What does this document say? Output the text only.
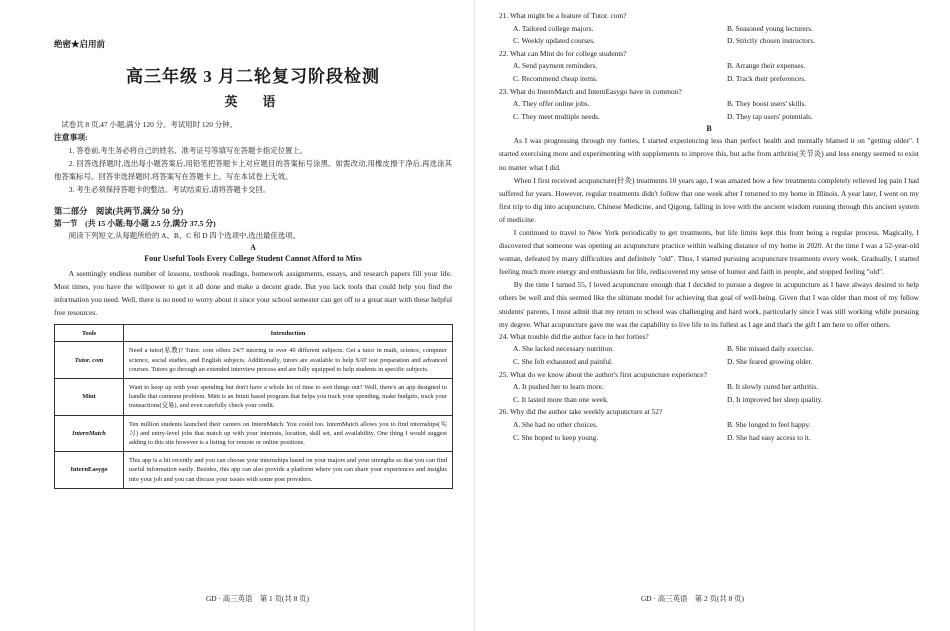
绝密★启用前
高三年级 3 月二轮复习阶段检测
英　语
试卷共 8 页,47 小题,满分 120 分。考试用时 120 分钟。
注意事项:

1. 答卷前,考生务必将自己的姓名、准考证号等填写在答题卡指定位置上。

2. 回答选择题时,选出每小题答案后,用铅笔把答题卡上对应题目的答案标号涂黑。如需改动,用橡皮擦干净后,再选涂其他答案标号。回答非选择题时,将答案写在答题卡上。写在本试卷上无效。

3. 考生必须保持答题卡的整洁。考试结束后,请将答题卡交回。

第二部分　阅读(共两节,满分 50 分)
第一节　(共 15 小题;每小题 2.5 分,满分 37.5 分)
阅读下列短文,从每题所给的 A、B、C 和 D 四个选项中,选出最佳选项。
A
Four Useful Tools Every College Student Cannot Afford to Miss

A seemingly endless number of lessons, textbook readings, homework assignments, essays, and research papers fill your life. Most times, you have the willpower to get it all done and make a decent grade. But you lack tools that could help you find the information you need. Well, there is no need to worry about it since your school semester can get off to a great start with these helpful free resources.

Tools	Introduction
Tutor. com	Need a tutor(私教)? Tutor. com offers 24/7 tutoring in over 40 different subjects. Get a tutor in math, science, computer science, social studies, and English subjects. Additionally, tutors are available to help SAT test preparation and advanced courses. Tutors go through an extended interview process and are fully equipped to help students in specific subjects.
Mint	Want to keep up with your spending but don't have a whole lot of time to sort things out? Well, there's an app designed to handle that common problem. Mint is an Intuit based program that helps you track your spending, make budgets, track your transactions(交易), and even carefully check your credit.
InternMatch	Ten million students launched their careers on InternMatch. You could too. InternMatch allows you to find internships(实习) and entry-level jobs that match up with your interests, location, skill set, and availability. One thing I would suggest adding to this site however is a listing for remote or online positions.
InternEasygo	This app is a hit recently and you can choose your internships based on your majors and your strengths so that you can find useful information easily. Besides, this app can also provide a platform where you can share your experiences and insights into your job and you can discuss your issues with some post providers.
GD · 高三英语　第 1 页(共 8 页)

21. What might be a feature of Tutor. com?

A. Tailored college majors.	B. Seasoned young lecturers.
C. Weekly updated courses.	D. Strictly chosen instructors.

22. What can Mint do for college students?

A. Send payment reminders.	B. Arrange their expenses.
C. Recommend cheap items.	D. Track their preferences.

23. What do InternMatch and InternEasygo have in common?

A. They offer online jobs.	B. They boost users' skills.
C. They meet multiple needs.	D. They tap users' potentials.
B

As I was progressing through my forties, I started experiencing less than perfect health and mentally blamed it on "getting older". I started exercising more and experimenting with supplements to improve this, but ache from arthritis(关节炎) and less energy seemed to exist no matter what I did.

When I first received acupuncture(针灸) treatments 10 years ago, I was amazed how a few treatments completely relieved leg pain I had suffered for years. However, regular treatments didn't follow that one week after I returned to my home in Illinois. A year later, I went on my first trip to dig into acupuncture, Chinese Medicine, and Qigong, falling in love with the ancient wisdom running through this ancient system of medicine.

I continued to travel to New York periodically to get treatments, but life limits kept this from being a regular process. Magically, I discovered that someone was opening an acupuncture practice within walking distance of my home in 2020. At the time I was a 52-year-old woman, defeated by many difficulties and definitely "old". Thus, I started pursuing acupuncture treatments every week. Gradually, I started feeling much more energy and enthusiasm for life, rediscovered my sense of humor and faith in people, and stopped feeling "old".

By the time I turned 55, I loved acupuncture enough that I decided to pursue a degree in acupuncture as I have always desired to help others be well and this seemed like the ultimate model for achieving that goal of well-being. Given that I was older than most of my fellow students' parents, I must admit that my return to school was challenging and hard work, particularly since I was still working while pursuing my degree. What acupuncture gave me was the capability to live life to its fullest as I age and that's the gift I am here to offer others.

24. What trouble did the author face in her forties?

A. She lacked necessary nutrition.	B. She missed daily exercise.
C. She felt exhausted and painful.	D. She feared growing older.

25. What do we know about the author's first acupuncture experience?

A. It pushed her to learn more.	B. It slowly cured her arthritis.
C. It lasted more than one week.	D. It improved her sleep quality.

26. Why did the author take weekly acupuncture at 52?

A. She had no other choices.	B. She longed to feel happy.
C. She hoped to keep young.	D. She had easy access to it.
GD · 高三英语　第 2 页(共 8 页)
